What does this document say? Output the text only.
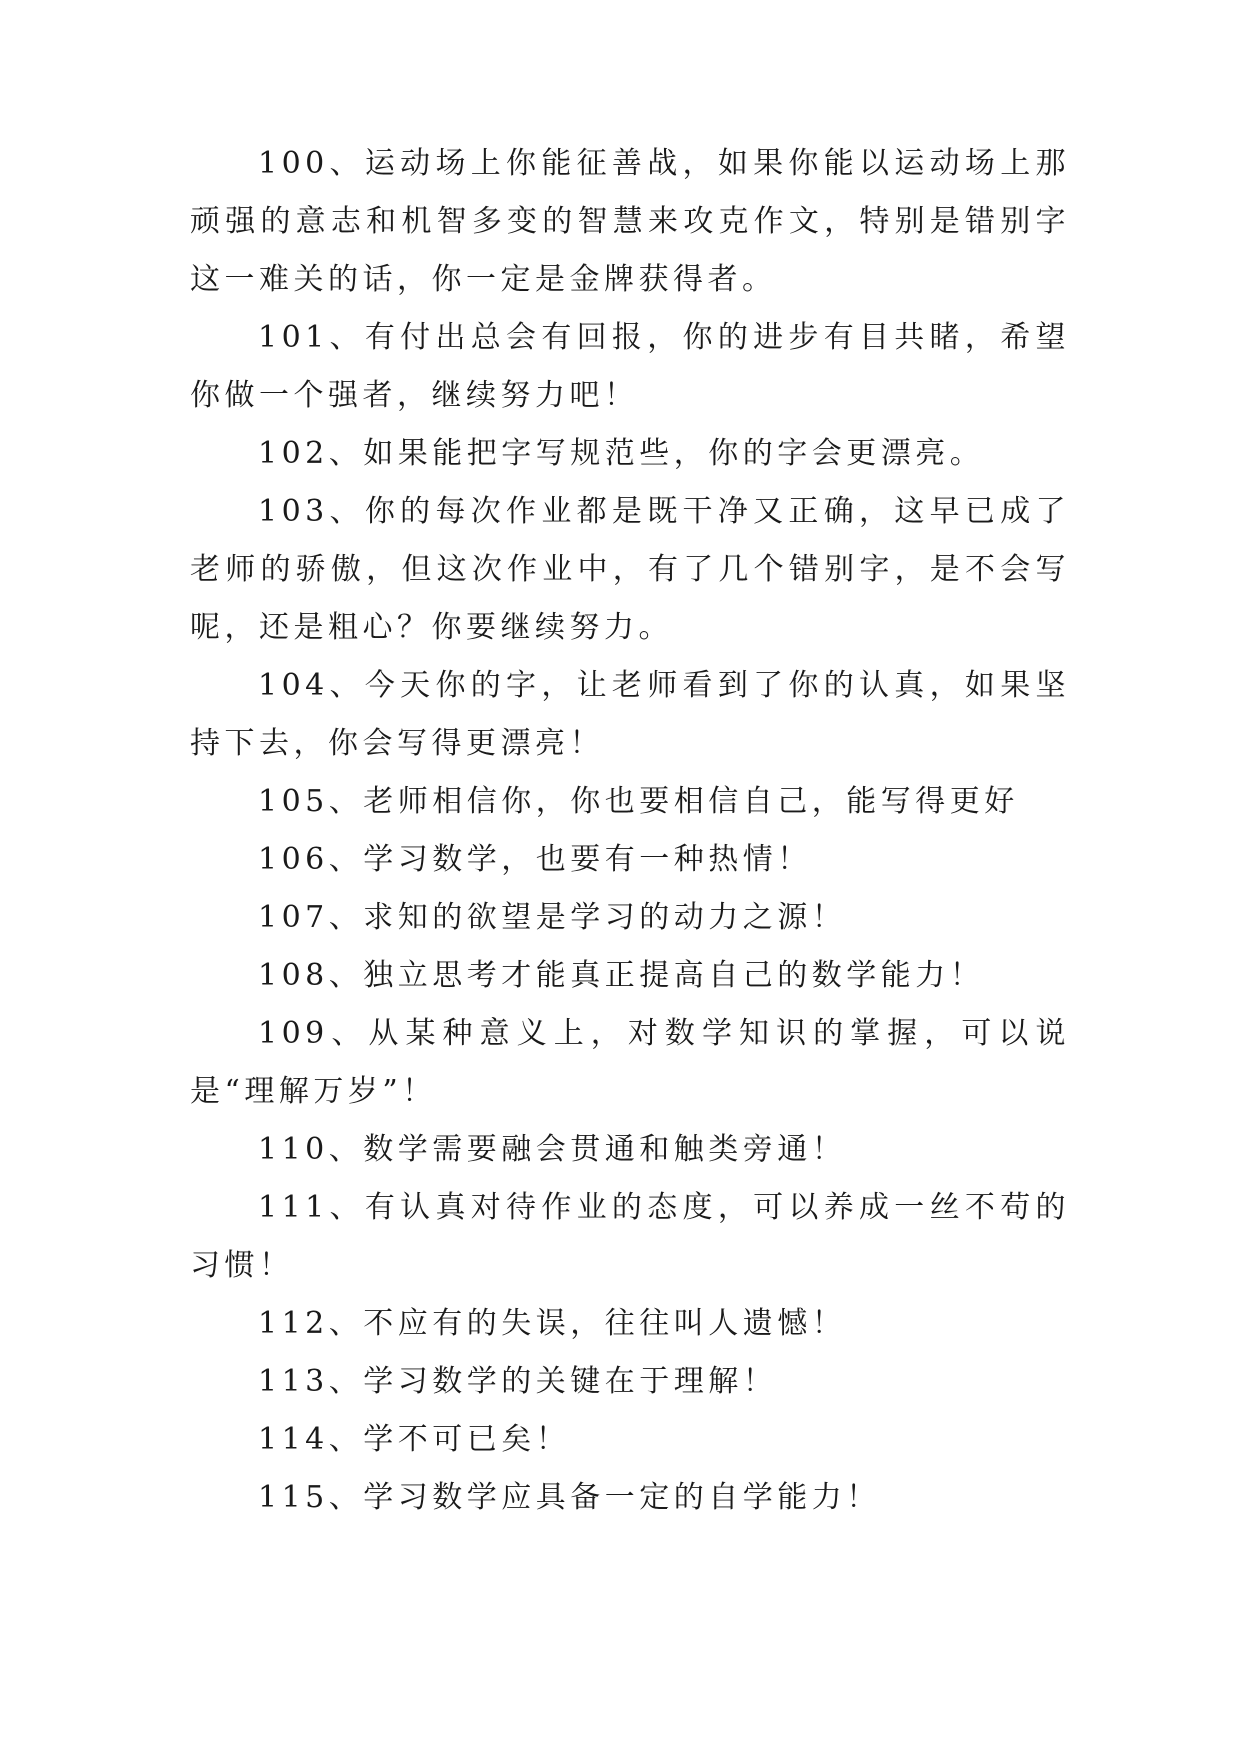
100、运动场上你能征善战，如果你能以运动场上那顽强的意志和机智多变的智慧来攻克作文，特别是错别字这一难关的话，你一定是金牌获得者。

101、有付出总会有回报，你的进步有目共睹，希望你做一个强者，继续努力吧！

102、如果能把字写规范些，你的字会更漂亮。

103、你的每次作业都是既干净又正确，这早已成了老师的骄傲，但这次作业中，有了几个错别字，是不会写呢，还是粗心？你要继续努力。

104、今天你的字，让老师看到了你的认真，如果坚持下去，你会写得更漂亮！

105、老师相信你，你也要相信自己，能写得更好

106、学习数学，也要有一种热情！

107、求知的欲望是学习的动力之源！

108、独立思考才能真正提高自己的数学能力！

109、从某种意义上，对数学知识的掌握，可以说是“理解万岁”！

110、数学需要融会贯通和触类旁通！

111、有认真对待作业的态度，可以养成一丝不苟的习惯！

112、不应有的失误，往往叫人遗憾！

113、学习数学的关键在于理解！

114、学不可已矣！

115、学习数学应具备一定的自学能力！
